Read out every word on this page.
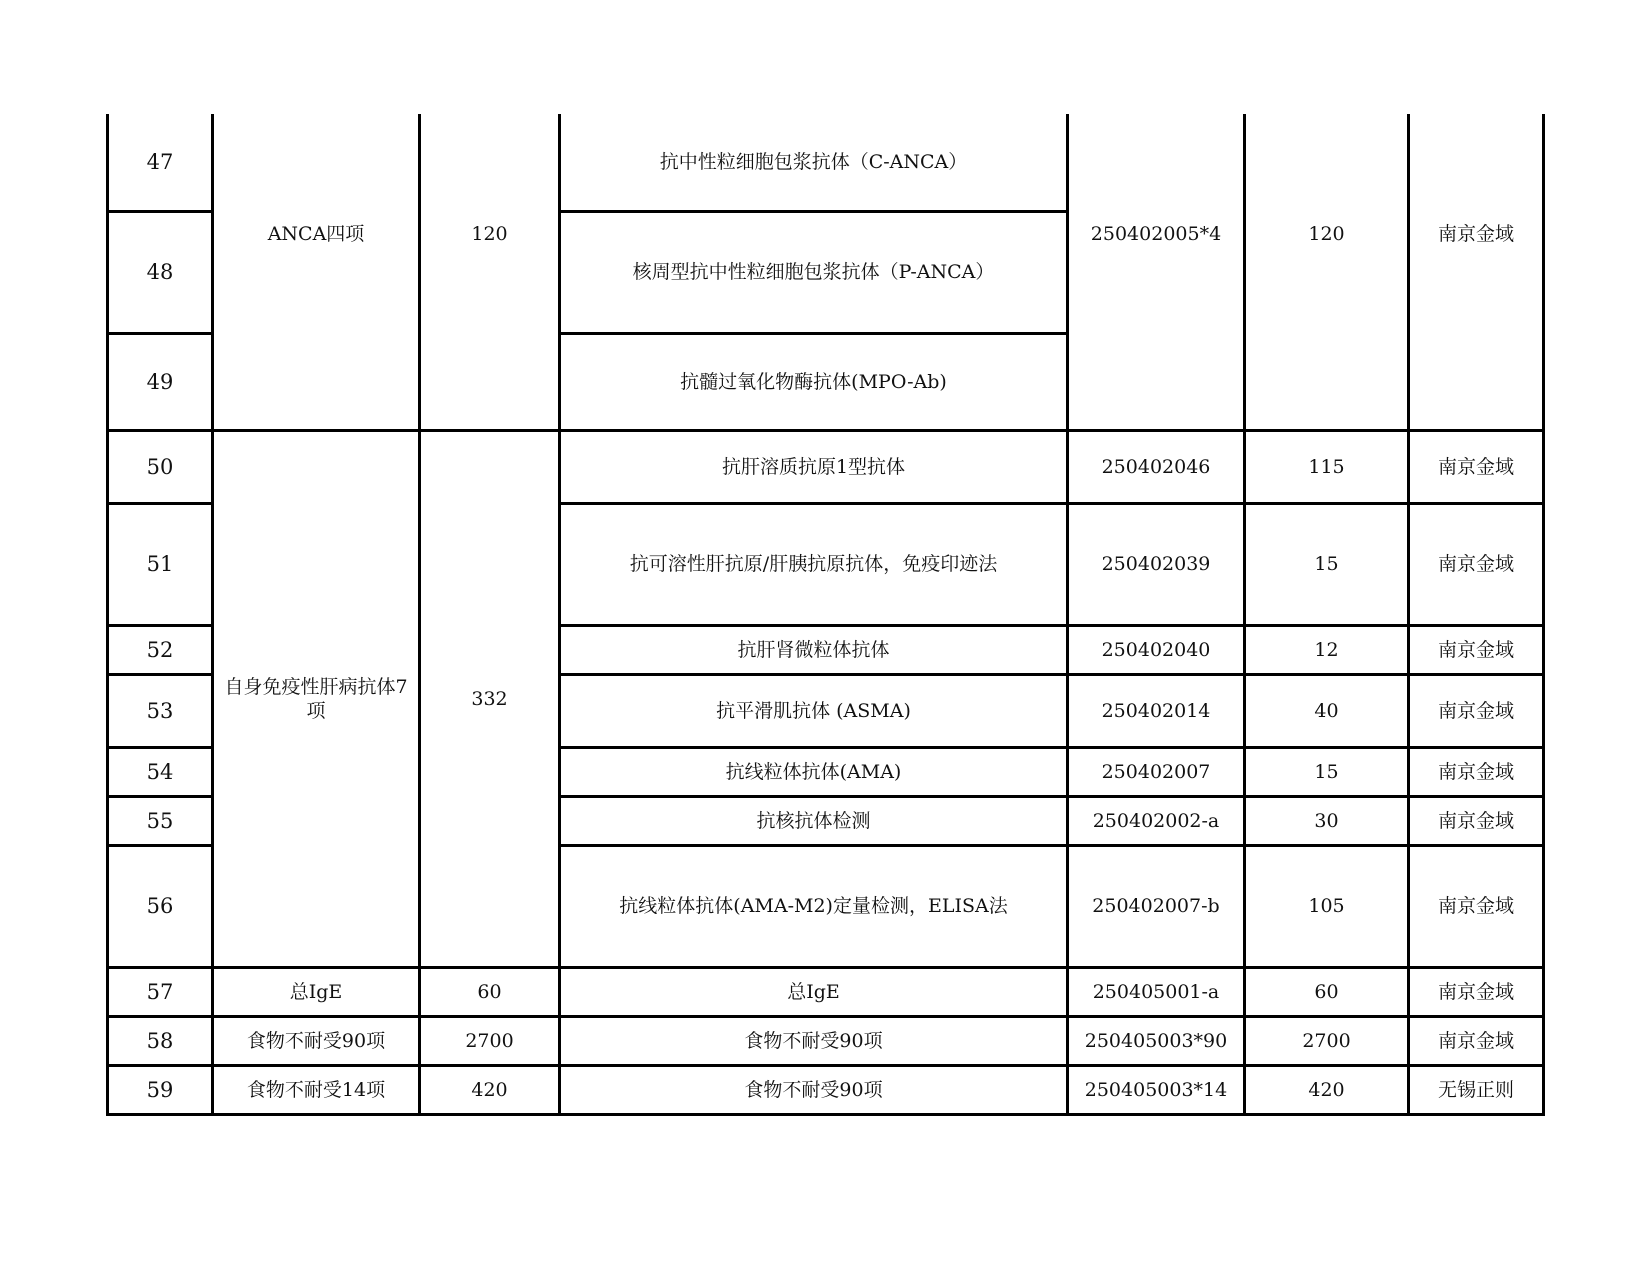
47	ANCA四项	120	抗中性粒细胞包浆抗体（C-ANCA）	250402005*4	120	南京金域
48			核周型抗中性粒细胞包浆抗体（P-ANCA）			
49			抗髓过氧化物酶抗体(MPO-Ab)			
50	自身免疫性肝病抗体7项	332	抗肝溶质抗原1型抗体	250402046	115	南京金域
51			抗可溶性肝抗原/肝胰抗原抗体，免疫印迹法	250402039	15	南京金域
52			抗肝肾微粒体抗体	250402040	12	南京金域
53			抗平滑肌抗体 (ASMA)	250402014	40	南京金域
54			抗线粒体抗体(AMA)	250402007	15	南京金域
55			抗核抗体检测	250402002-a	30	南京金域
56			抗线粒体抗体(AMA-M2)定量检测，ELISA法	250402007-b	105	南京金域
57	总IgE	60	总IgE	250405001-a	60	南京金域
58	食物不耐受90项	2700	食物不耐受90项	250405003*90	2700	南京金域
59	食物不耐受14项	420	食物不耐受90项	250405003*14	420	无锡正则
